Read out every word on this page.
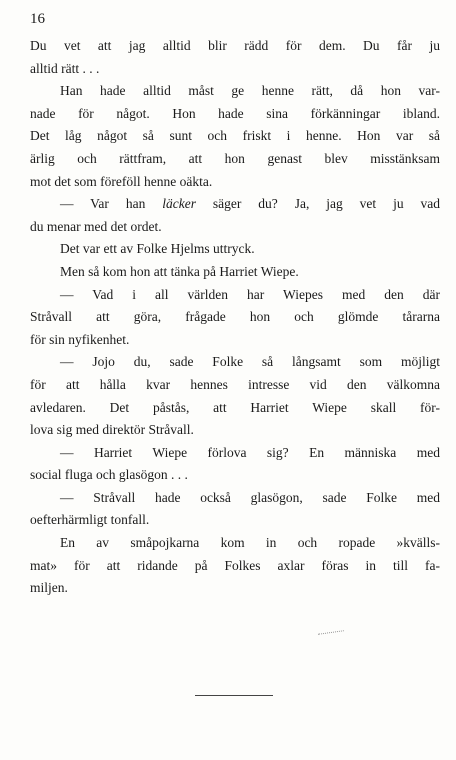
16
Du vet att jag alltid blir rädd för dem. Du får ju
alltid rätt . . .
Han hade alltid måst ge henne rätt, då hon var-
nade för något. Hon hade sina förkänningar ibland.
Det låg något så sunt och friskt i henne. Hon var så
ärlig och rättfram, att hon genast blev misstänksam
mot det som föreföll henne oäkta.
— Var han läcker säger du? Ja, jag vet ju vad
du menar med det ordet.
Det var ett av Folke Hjelms uttryck.
Men så kom hon att tänka på Harriet Wiepe.
— Vad i all världen har Wiepes med den där
Stråvall att göra, frågade hon och glömde tårarna
för sin nyfikenhet.
— Jojo du, sade Folke så långsamt som möjligt
för att hålla kvar hennes intresse vid den välkomna
avledaren. Det påstås, att Harriet Wiepe skall för-
lova sig med direktör Stråvall.
— Harriet Wiepe förlova sig? En människa med
social fluga och glasögon . . .
— Stråvall hade också glasögon, sade Folke med
oefterhärmligt tonfall.
En av småpojkarna kom in och ropade »kvälls-
mat» för att ridande på Folkes axlar föras in till fa-
miljen.
